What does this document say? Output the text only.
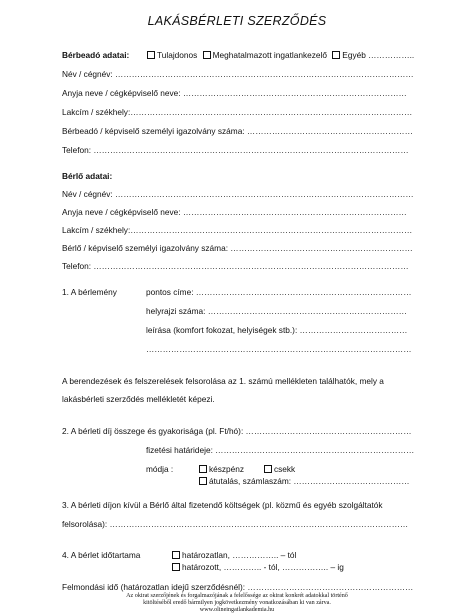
LAKÁSBÉRLETI SZERZŐDÉS
Bérbeadó adatai:	Tulajdonos Meghatalmazott ingatlankezelő Egyéb ……………..
Név / cégnév: ………………………………………………………………………………………………
Anyja neve / cégképviselő neve: ………………………………………………………………………
Lakcím / székhely:…………………………………………………………………………………………
Bérbeadó / képviselő személyi igazolvány száma: ……………………………………………………
Telefon: ……………………………………………………………………………………………………
Bérlő adatai:
Név / cégnév: ………………………………………………………………………………………………
Anyja neve / cégképviselő neve: ………………………………………………………………………
Lakcím / székhely:…………………………………………………………………………………………
Bérlő / képviselő személyi igazolvány száma: …………………………………………………………
Telefon: ……………………………………………………………………………………………………
1. A bérlemény	pontos címe: ……………………………………………………………………
helyrajzi száma: ………………………………………………………………
leírása (komfort fokozat, helyiségek stb.): …………………………………
……………………………………………………………………………………
A berendezések és felszerelések felsorolása az 1. számú mellékleten találhatók, mely a
lakásbérleti szerződés mellékletét képezi.
2. A bérleti díj összege és gyakorisága (pl. Ft/hó): ……………………………………………………
fizetési határideje: ………………………………………………………………
módja :	készpénz	csekk
átutalás, számlaszám: ……………………………………
3. A bérleti díjon kívül a Bérlő által fizetendő költségek (pl. közmű és egyéb szolgáltatók
felsorolása): ………………………………………………………………………………………………
4. A bérlet időtartama	határozatlan, …………….. – tól
határozott, ………….. - tól, …………….. – ig
Felmondási idő (határozatlan idejű szerződésnél): ……………………………………………………
Az okirat szerzőjének és forgalmazójának a felelőssége az okirat konkrét adatokkal történő
kitöltéséből eredő bármilyen jogkövetkezmény vonatkozásában ki van zárva.
www.olineingatlankademia.hu
